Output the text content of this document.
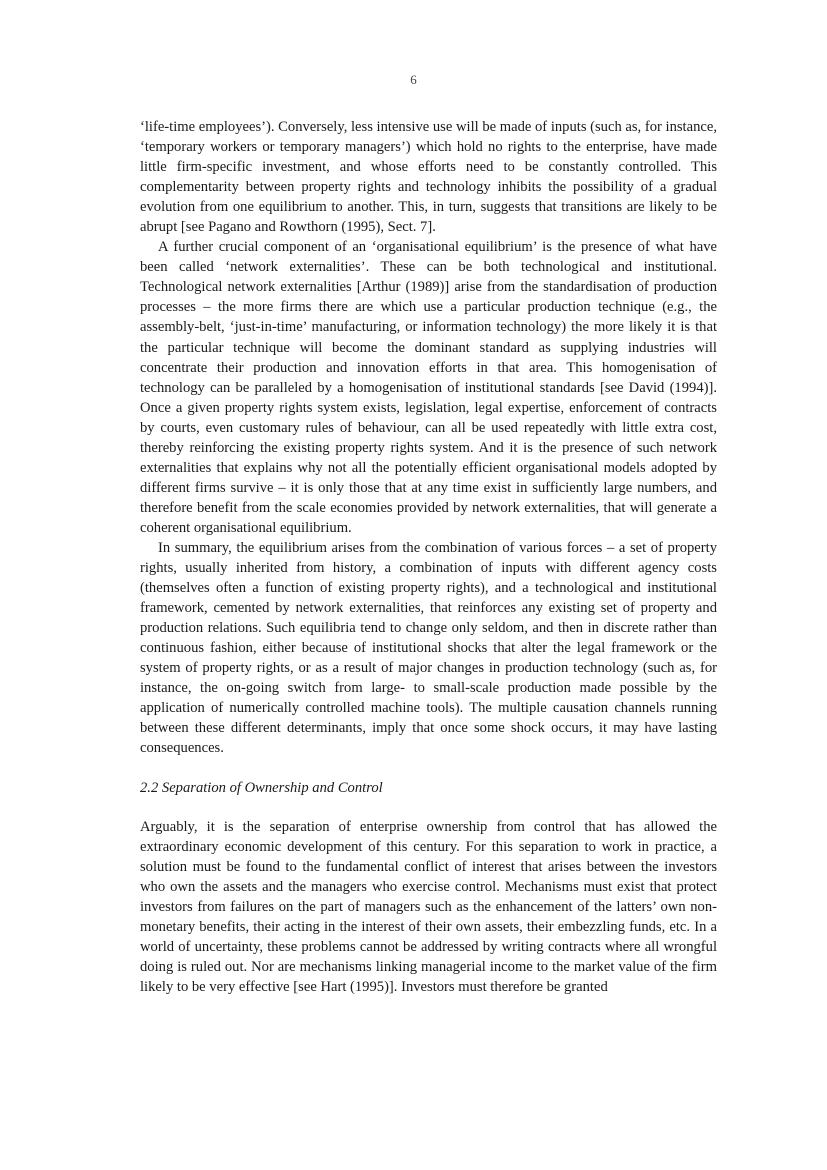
6

‘life-time employees’). Conversely, less intensive use will be made of inputs (such as, for instance, ‘temporary workers or temporary managers’) which hold no rights to the enterprise, have made little firm-specific investment, and whose efforts need to be constantly controlled. This complementarity between property rights and technology inhibits the possibility of a gradual evolution from one equilibrium to another. This, in turn, suggests that transitions are likely to be abrupt [see Pagano and Rowthorn (1995), Sect. 7].

A further crucial component of an ‘organisational equilibrium’ is the presence of what have been called ‘network externalities’. These can be both technological and institutional. Technological network externalities [Arthur (1989)] arise from the standardisation of production processes – the more firms there are which use a particular production technique (e.g., the assembly-belt, ‘just-in-time’ manufacturing, or information technology) the more likely it is that the particular technique will become the dominant standard as supplying industries will concentrate their production and innovation efforts in that area. This homogenisation of technology can be paralleled by a homogenisation of institutional standards [see David (1994)]. Once a given property rights system exists, legislation, legal expertise, enforcement of contracts by courts, even customary rules of behaviour, can all be used repeatedly with little extra cost, thereby reinforcing the existing property rights system. And it is the presence of such network externalities that explains why not all the potentially efficient organisational models adopted by different firms survive – it is only those that at any time exist in sufficiently large numbers, and therefore benefit from the scale economies provided by network externalities, that will generate a coherent organisational equilibrium.

In summary, the equilibrium arises from the combination of various forces – a set of property rights, usually inherited from history, a combination of inputs with different agency costs (themselves often a function of existing property rights), and a technological and institutional framework, cemented by network externalities, that reinforces any existing set of property and production relations. Such equilibria tend to change only seldom, and then in discrete rather than continuous fashion, either because of institutional shocks that alter the legal framework or the system of property rights, or as a result of major changes in production technology (such as, for instance, the on-going switch from large- to small-scale production made possible by the application of numerically controlled machine tools). The multiple causation channels running between these different determinants, imply that once some shock occurs, it may have lasting consequences.

2.2 Separation of Ownership and Control

Arguably, it is the separation of enterprise ownership from control that has allowed the extraordinary economic development of this century. For this separation to work in practice, a solution must be found to the fundamental conflict of interest that arises between the investors who own the assets and the managers who exercise control. Mechanisms must exist that protect investors from failures on the part of managers such as the enhancement of the latters’ own non-monetary benefits, their acting in the interest of their own assets, their embezzling funds, etc. In a world of uncertainty, these problems cannot be addressed by writing contracts where all wrongful doing is ruled out. Nor are mechanisms linking managerial income to the market value of the firm likely to be very effective [see Hart (1995)]. Investors must therefore be granted
